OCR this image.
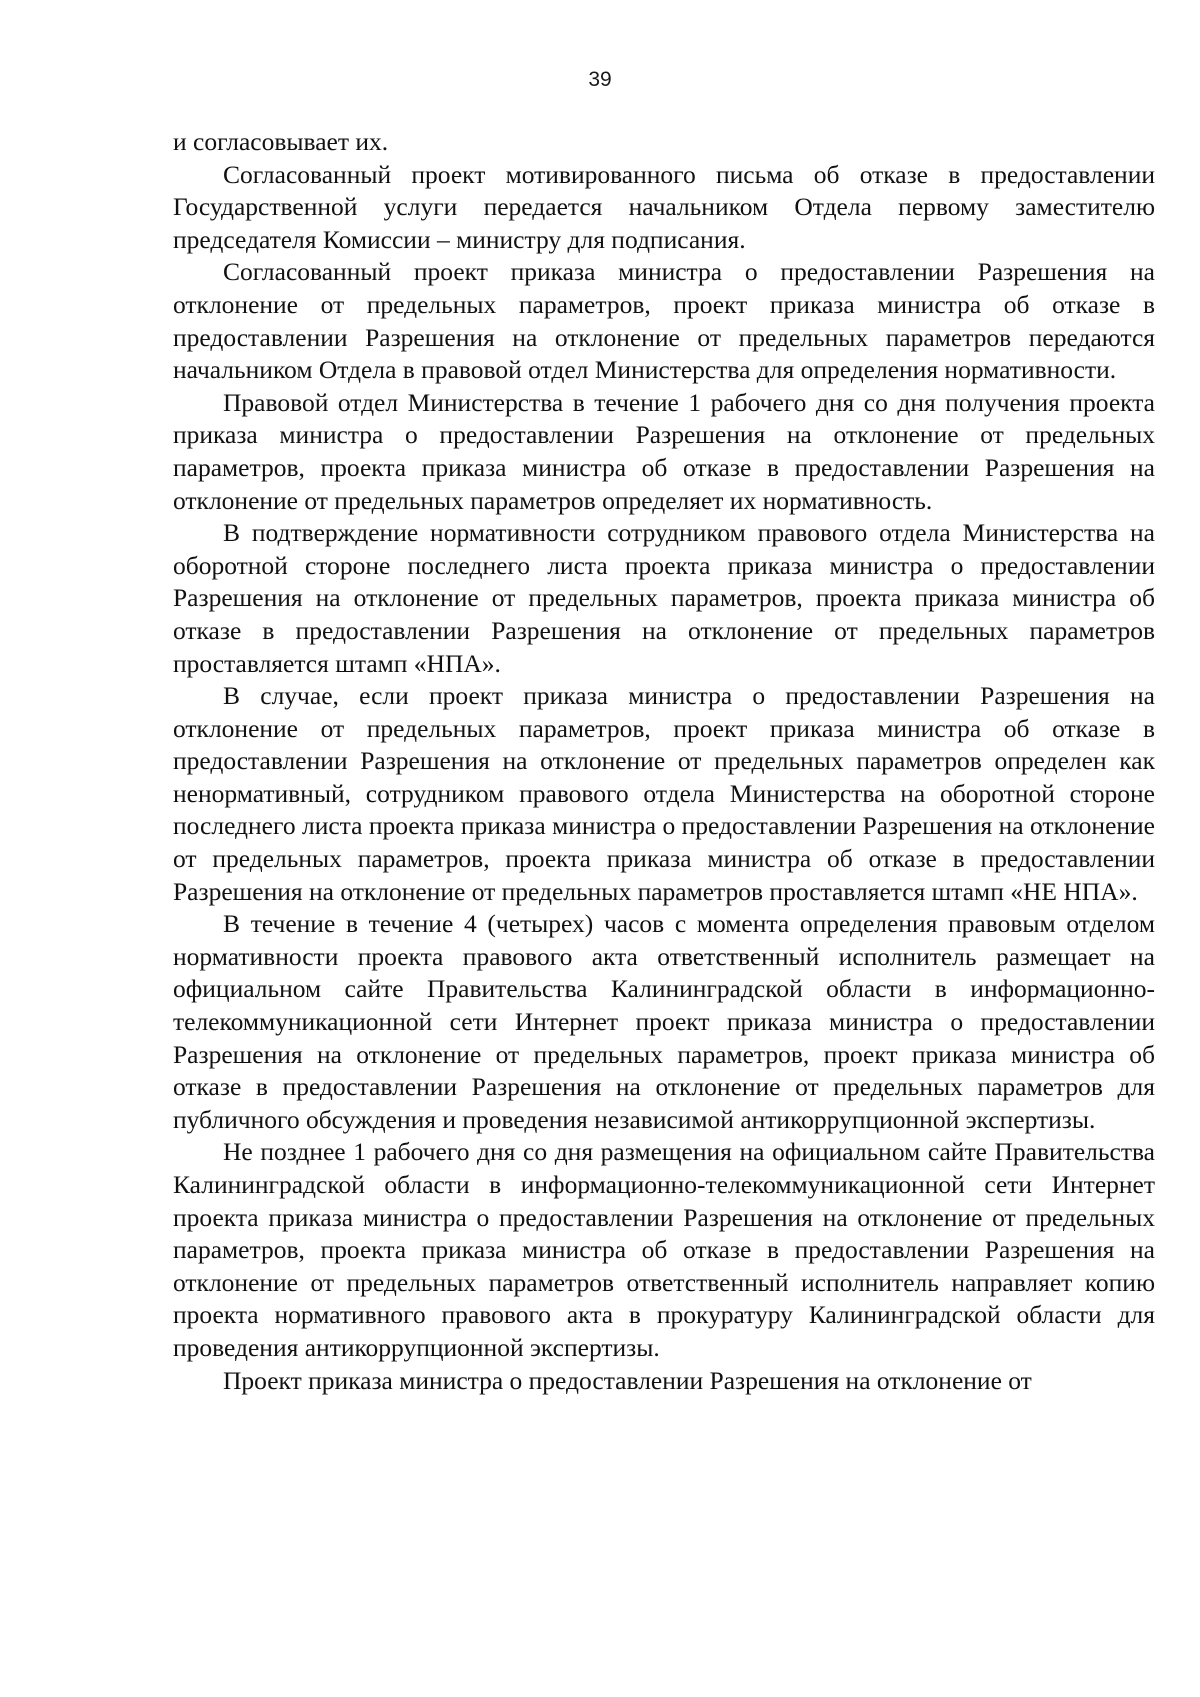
39

и согласовывает их.

Согласованный проект мотивированного письма об отказе в предоставлении Государственной услуги передается начальником Отдела первому заместителю председателя Комиссии – министру для подписания.

Согласованный проект приказа министра о предоставлении Разрешения на отклонение от предельных параметров, проект приказа министра об отказе в предоставлении Разрешения на отклонение от предельных параметров передаются начальником Отдела в правовой отдел Министерства для определения нормативности.

Правовой отдел Министерства в течение 1 рабочего дня со дня получения проекта приказа министра о предоставлении Разрешения на отклонение от предельных параметров, проекта приказа министра об отказе в предоставлении Разрешения на отклонение от предельных параметров определяет их нормативность.

В подтверждение нормативности сотрудником правового отдела Министерства на оборотной стороне последнего листа проекта приказа министра о предоставлении Разрешения на отклонение от предельных параметров, проекта приказа министра об отказе в предоставлении Разрешения на отклонение от предельных параметров проставляется штамп «НПА».

В случае, если проект приказа министра о предоставлении Разрешения на отклонение от предельных параметров, проект приказа министра об отказе в предоставлении Разрешения на отклонение от предельных параметров определен как ненормативный, сотрудником правового отдела Министерства на оборотной стороне последнего листа проекта приказа министра о предоставлении Разрешения на отклонение от предельных параметров, проекта приказа министра об отказе в предоставлении Разрешения на отклонение от предельных параметров проставляется штамп «НЕ НПА».

В течение в течение 4 (четырех) часов с момента определения правовым отделом нормативности проекта правового акта ответственный исполнитель размещает на официальном сайте Правительства Калининградской области в информационно-телекоммуникационной сети Интернет проект приказа министра о предоставлении Разрешения на отклонение от предельных параметров, проект приказа министра об отказе в предоставлении Разрешения на отклонение от предельных параметров для публичного обсуждения и проведения независимой антикоррупционной экспертизы.

Не позднее 1 рабочего дня со дня размещения на официальном сайте Правительства Калининградской области в информационно-телекоммуникационной сети Интернет проекта приказа министра о предоставлении Разрешения на отклонение от предельных параметров, проекта приказа министра об отказе в предоставлении Разрешения на отклонение от предельных параметров ответственный исполнитель направляет копию проекта нормативного правового акта в прокуратуру Калининградской области для проведения антикоррупционной экспертизы.

Проект приказа министра о предоставлении Разрешения на отклонение от
